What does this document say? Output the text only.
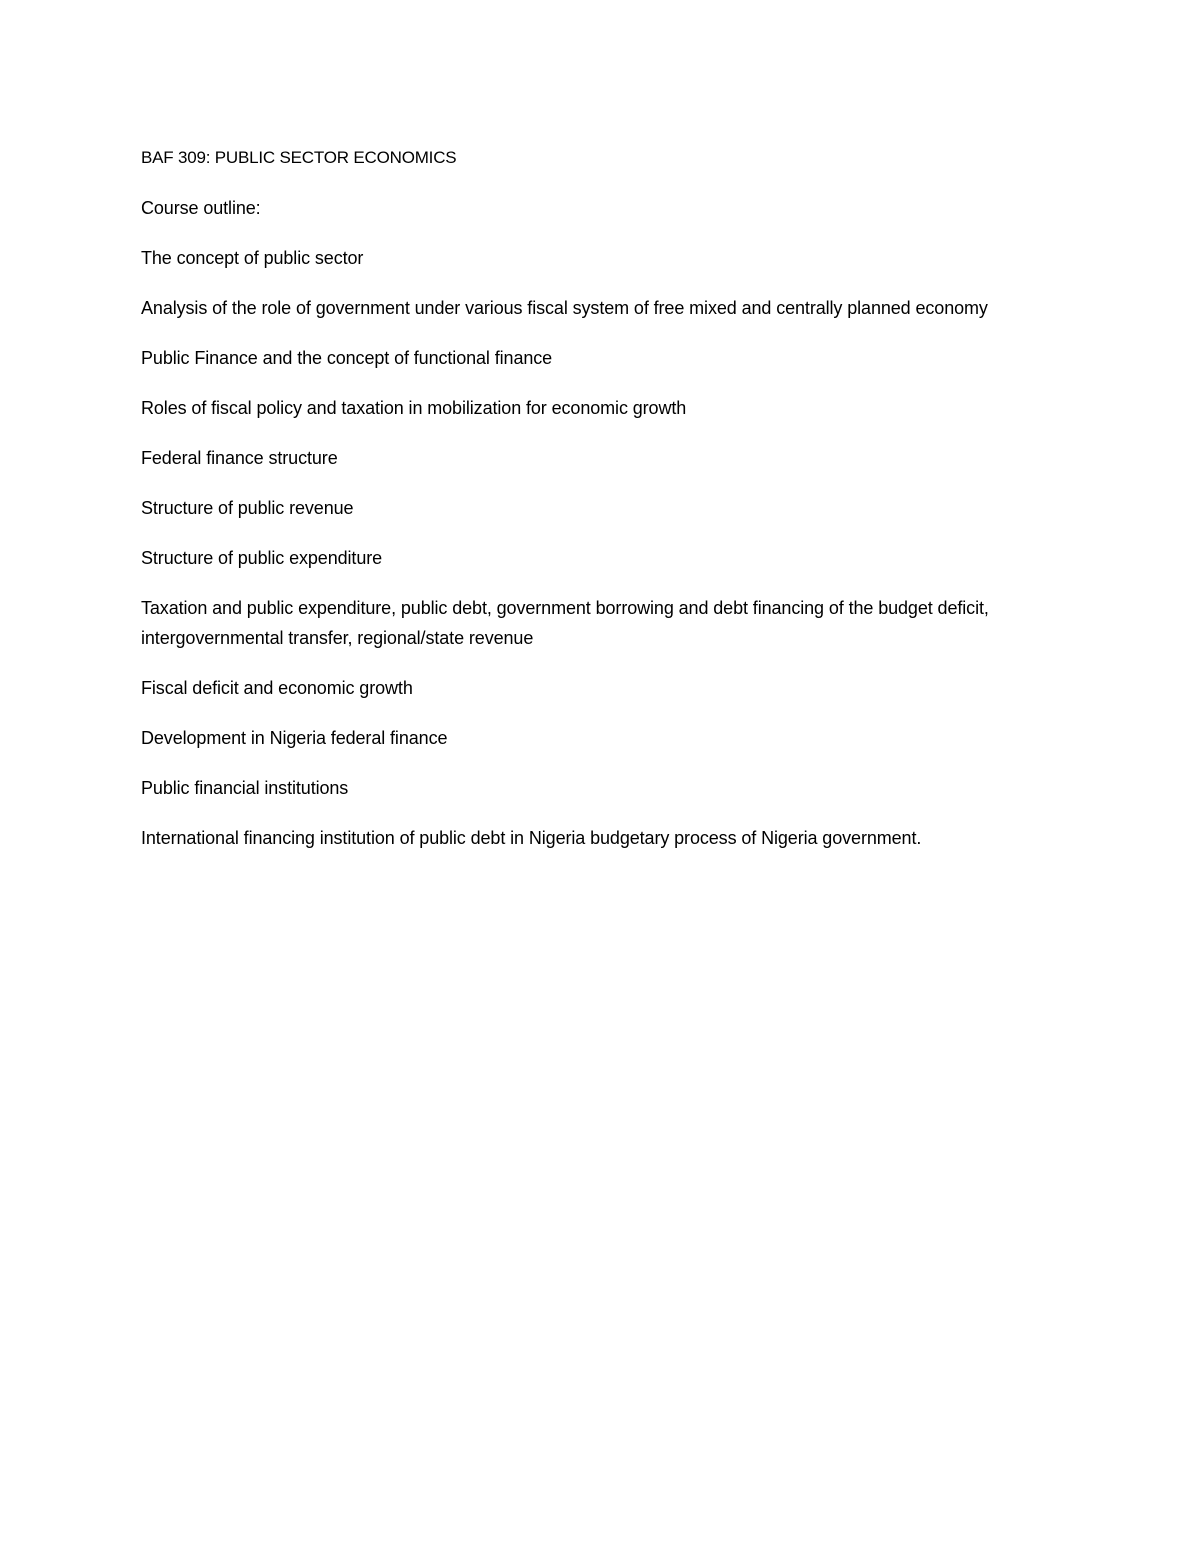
BAF 309: PUBLIC SECTOR ECONOMICS

Course outline:

The concept of public sector

Analysis of the role of government under various fiscal system of free mixed and centrally planned economy

Public Finance and the concept of functional finance

Roles of fiscal policy and taxation in mobilization for economic growth

Federal finance structure

Structure of public revenue

Structure of public expenditure

Taxation and public expenditure, public debt, government borrowing and debt financing of the budget deficit, intergovernmental transfer, regional/state revenue

Fiscal deficit and economic growth

Development in Nigeria federal finance

Public financial institutions

International financing institution of public debt in Nigeria budgetary process of Nigeria government.
